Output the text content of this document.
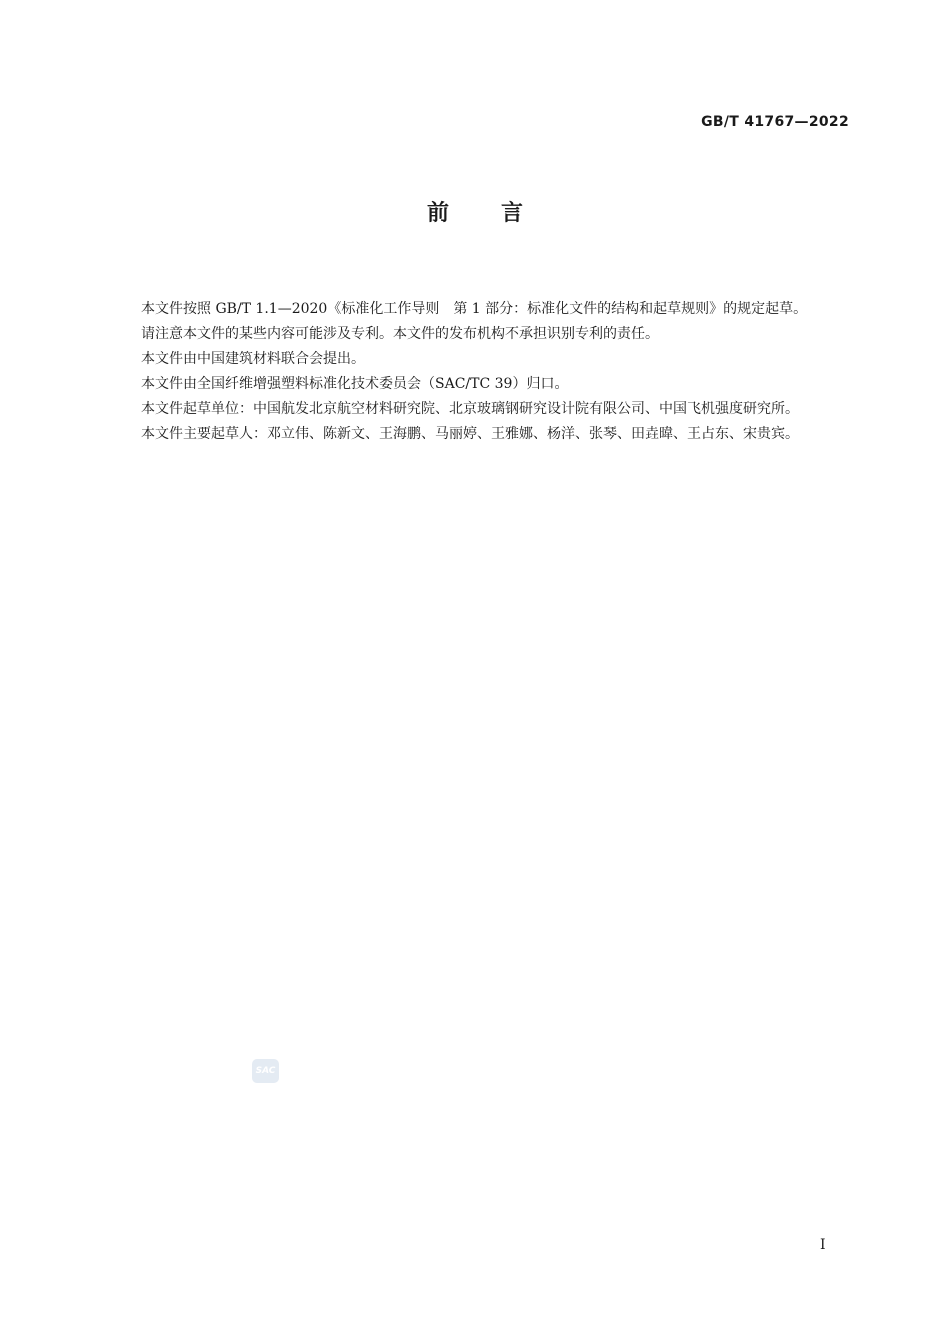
GB/T 41767—2022
前言

本文件按照 GB/T 1.1—2020《标准化工作导则　第 1 部分：标准化文件的结构和起草规则》的规定起草。

请注意本文件的某些内容可能涉及专利。本文件的发布机构不承担识别专利的责任。

本文件由中国建筑材料联合会提出。

本文件由全国纤维增强塑料标准化技术委员会（SAC/TC 39）归口。

本文件起草单位：中国航发北京航空材料研究院、北京玻璃钢研究设计院有限公司、中国飞机强度研究所。

本文件主要起草人：邓立伟、陈新文、王海鹏、马丽婷、王雅娜、杨洋、张琴、田垚暐、王占东、宋贵宾。

SAC
I
